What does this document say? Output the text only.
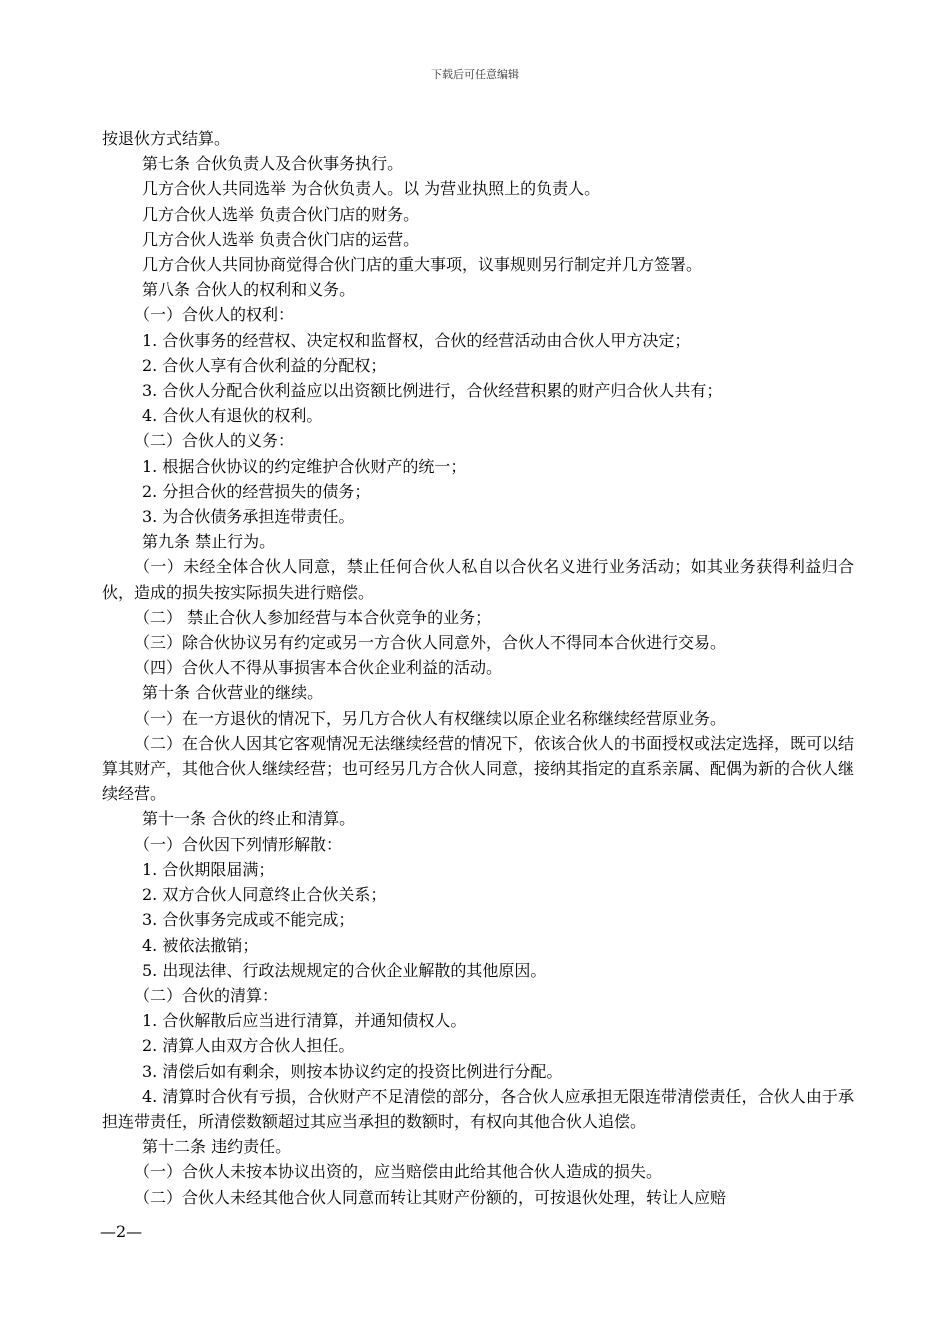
下载后可任意编辑
按退伙方式结算。
第七条 合伙负责人及合伙事务执行。
几方合伙人共同选举 为合伙负责人。以 为营业执照上的负责人。
几方合伙人选举 负责合伙门店的财务。
几方合伙人选举 负责合伙门店的运营。
几方合伙人共同协商觉得合伙门店的重大事项，议事规则另行制定并几方签署。
第八条 合伙人的权利和义务。
（一）合伙人的权利：
1. 合伙事务的经营权、决定权和监督权，合伙的经营活动由合伙人甲方决定；
2. 合伙人享有合伙利益的分配权；
3. 合伙人分配合伙利益应以出资额比例进行，合伙经营积累的财产归合伙人共有；
4. 合伙人有退伙的权利。
（二）合伙人的义务：
1. 根据合伙协议的约定维护合伙财产的统一；
2. 分担合伙的经营损失的债务；
3. 为合伙债务承担连带责任。
第九条 禁止行为。
（一）未经全体合伙人同意，禁止任何合伙人私自以合伙名义进行业务活动；如其业务获得利益归合伙，造成的损失按实际损失进行赔偿。
（二） 禁止合伙人参加经营与本合伙竞争的业务；
（三）除合伙协议另有约定或另一方合伙人同意外，合伙人不得同本合伙进行交易。
（四）合伙人不得从事损害本合伙企业利益的活动。
第十条 合伙营业的继续。
（一）在一方退伙的情况下，另几方合伙人有权继续以原企业名称继续经营原业务。
（二）在合伙人因其它客观情况无法继续经营的情况下，依该合伙人的书面授权或法定选择，既可以结算其财产，其他合伙人继续经营；也可经另几方合伙人同意，接纳其指定的直系亲属、配偶为新的合伙人继续经营。
第十一条 合伙的终止和清算。
（一）合伙因下列情形解散：
1. 合伙期限届满；
2. 双方合伙人同意终止合伙关系；
3. 合伙事务完成或不能完成；
4. 被依法撤销；
5. 出现法律、行政法规规定的合伙企业解散的其他原因。
（二）合伙的清算：
1. 合伙解散后应当进行清算，并通知债权人。
2. 清算人由双方合伙人担任。
3. 清偿后如有剩余，则按本协议约定的投资比例进行分配。
4. 清算时合伙有亏损，合伙财产不足清偿的部分，各合伙人应承担无限连带清偿责任，合伙人由于承担连带责任，所清偿数额超过其应当承担的数额时，有权向其他合伙人追偿。
第十二条 违约责任。
（一）合伙人未按本协议出资的，应当赔偿由此给其他合伙人造成的损失。
（二）合伙人未经其他合伙人同意而转让其财产份额的，可按退伙处理，转让人应赔
—2—
